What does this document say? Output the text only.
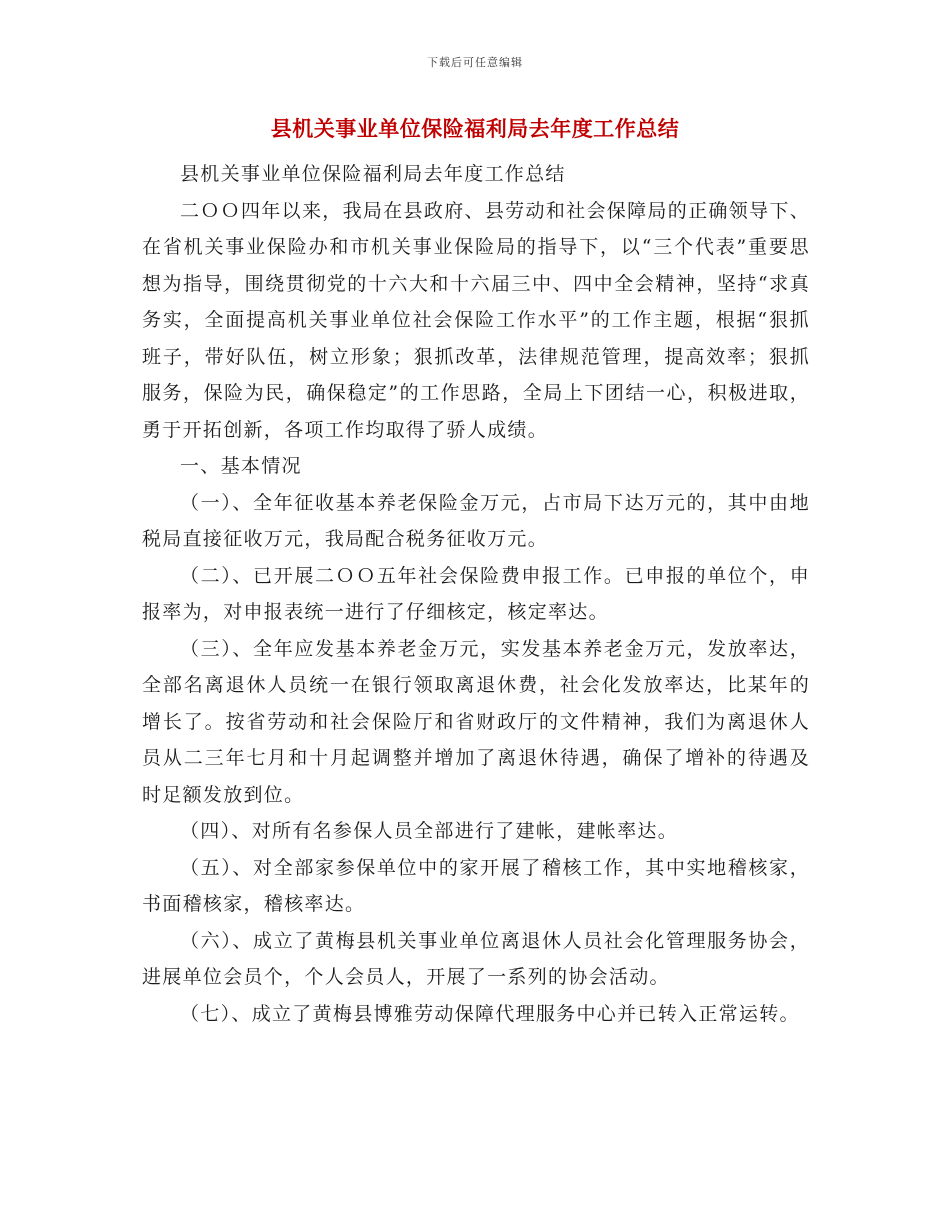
下载后可任意编辑
县机关事业单位保险福利局去年度工作总结

县机关事业单位保险福利局去年度工作总结

二ＯＯ四年以来，我局在县政府、县劳动和社会保障局的正确领导下、在省机关事业保险办和市机关事业保险局的指导下，以“三个代表”重要思想为指导，围绕贯彻党的十六大和十六届三中、四中全会精神，坚持“求真务实，全面提高机关事业单位社会保险工作水平”的工作主题，根据“狠抓班子，带好队伍，树立形象；狠抓改革，法律规范管理，提高效率；狠抓服务，保险为民，确保稳定”的工作思路，全局上下团结一心，积极进取，勇于开拓创新，各项工作均取得了骄人成绩。

一、基本情况

（一）、全年征收基本养老保险金万元，占市局下达万元的，其中由地税局直接征收万元，我局配合税务征收万元。

（二）、已开展二ＯＯ五年社会保险费申报工作。已申报的单位个，申报率为，对申报表统一进行了仔细核定，核定率达。

（三）、全年应发基本养老金万元，实发基本养老金万元，发放率达，全部名离退休人员统一在银行领取离退休费，社会化发放率达，比某年的增长了。按省劳动和社会保险厅和省财政厅的文件精神，我们为离退休人员从二三年七月和十月起调整并增加了离退休待遇，确保了增补的待遇及时足额发放到位。

（四）、对所有名参保人员全部进行了建帐，建帐率达。

（五）、对全部家参保单位中的家开展了稽核工作，其中实地稽核家，书面稽核家，稽核率达。

（六）、成立了黄梅县机关事业单位离退休人员社会化管理服务协会，进展单位会员个，个人会员人，开展了一系列的协会活动。

（七）、成立了黄梅县博雅劳动保障代理服务中心并已转入正常运转。
